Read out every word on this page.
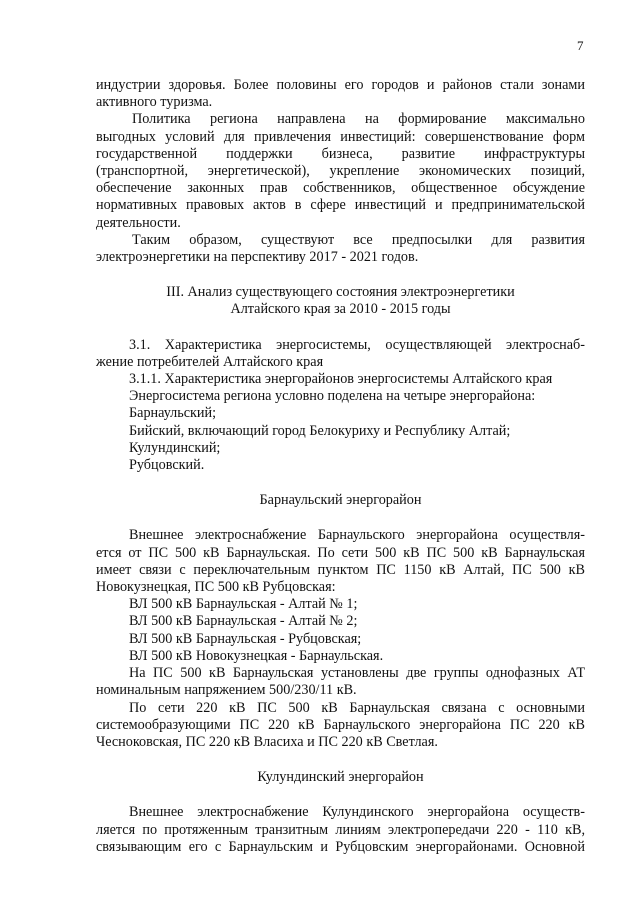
7

индустрии здоровья. Более половины его городов и районов стали зонами

активного туризма.

Политика региона направлена на формирование максимально

выгодных условий для привлечения инвестиций: совершенствование форм

государственной поддержки бизнеса, развитие инфраструктуры

(транспортной, энергетической), укрепление экономических позиций,

обеспечение законных прав собственников, общественное обсуждение

нормативных правовых актов в сфере инвестиций и предпринимательской

деятельности.

Таким образом, существуют все предпосылки для развития

электроэнергетики на перспективу 2017 - 2021 годов.

III. Анализ существующего состояния электроэнергетики

Алтайского края за 2010 - 2015 годы

3.1. Характеристика энергосистемы, осуществляющей электроснаб-

жение потребителей Алтайского края

3.1.1. Характеристика энергорайонов энергосистемы Алтайского края

Энергосистема региона условно поделена на четыре энергорайона:

Барнаульский;

Бийский, включающий город Белокуриху и Республику Алтай;

Кулундинский;

Рубцовский.

Барнаульский энергорайон

Внешнее электроснабжение Барнаульского энергорайона осуществля-

ется от ПС 500 кВ Барнаульская. По сети 500 кВ ПС 500 кВ Барнаульская

имеет связи с переключательным пунктом ПС 1150 кВ Алтай, ПС 500 кВ

Новокузнецкая, ПС 500 кВ Рубцовская:

ВЛ 500 кВ Барнаульская - Алтай № 1;

ВЛ 500 кВ Барнаульская - Алтай № 2;

ВЛ 500 кВ Барнаульская - Рубцовская;

ВЛ 500 кВ Новокузнецкая - Барнаульская.

На ПС 500 кВ Барнаульская установлены две группы однофазных АТ

номинальным напряжением 500/230/11 кВ.

По сети 220 кВ ПС 500 кВ Барнаульская связана с основными

системообразующими ПС 220 кВ Барнаульского энергорайона ПС 220 кВ

Чесноковская, ПС 220 кВ Власиха и ПС 220 кВ Светлая.

Кулундинский энергорайон

Внешнее электроснабжение Кулундинского энергорайона осуществ-

ляется по протяженным транзитным линиям электропередачи 220 - 110 кВ,

связывающим его с Барнаульским и Рубцовским энергорайонами. Основной
